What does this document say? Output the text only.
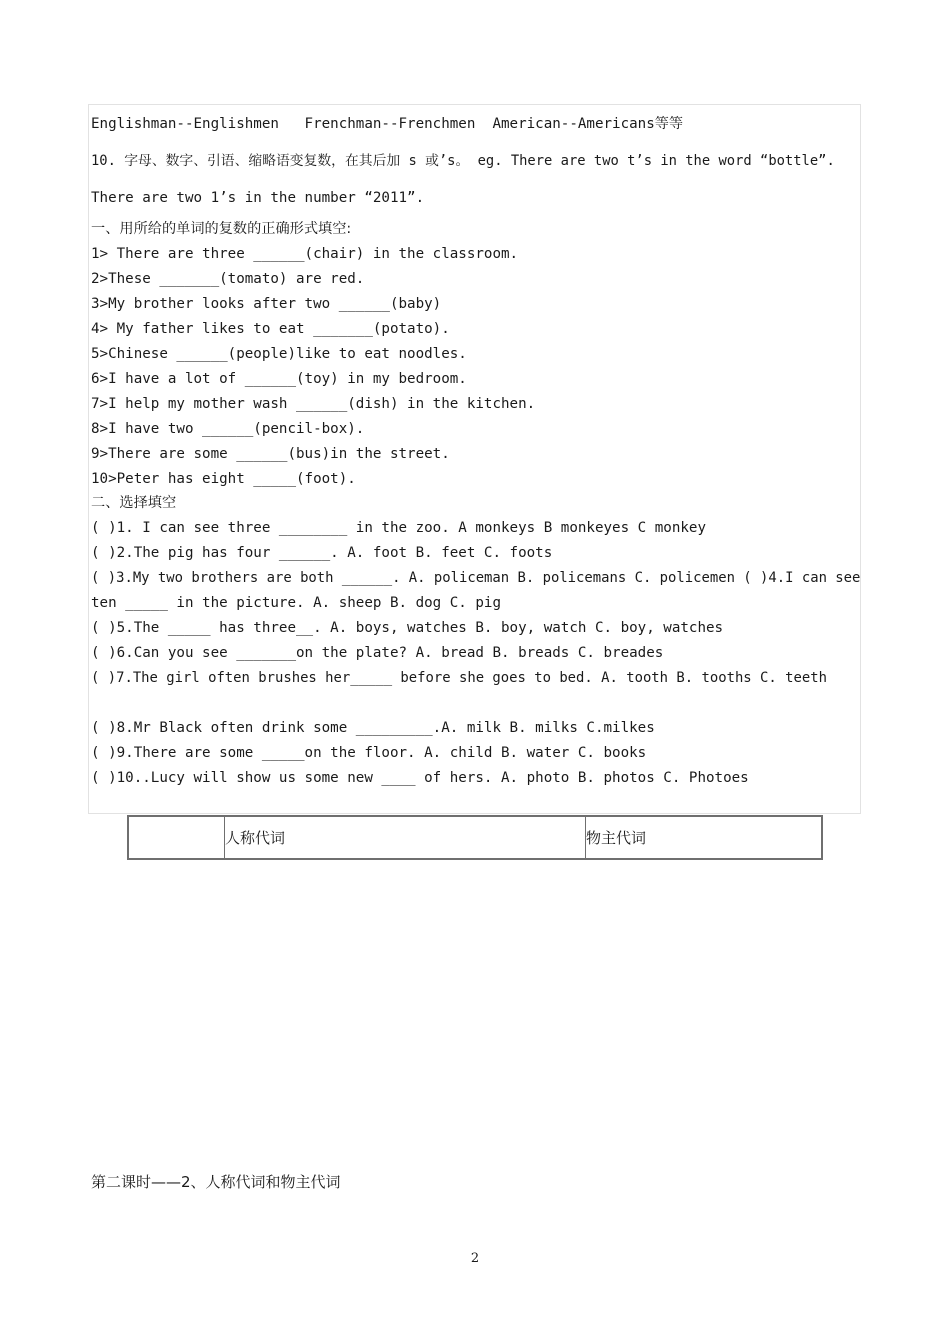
Englishman--Englishmen   Frenchman--Frenchmen  American--Americans等等
10. 字母、数字、引语、缩略语变复数，在其后加 s 或’s。 eg. There are two t’s in the word “bottle”.
There are two 1’s in the number “2011”.
一、用所给的单词的复数的正确形式填空:
1> There are three ______(chair) in the classroom.
2>These _______(tomato) are red.
3>My brother looks after two ______(baby)
4> My father likes to eat _______(potato).
5>Chinese ______(people)like to eat noodles.
6>I have a lot of ______(toy) in my bedroom.
7>I help my mother wash ______(dish) in the kitchen.
8>I have two ______(pencil-box).
9>There are some ______(bus)in the street.
10>Peter has eight _____(foot).
二、选择填空
( )1. I can see three ________ in the zoo. A monkeys B monkeyes C monkey
( )2.The pig has four ______. A. foot B. feet C. foots
( )3.My two brothers are both ______. A. policeman B. policemans C. policemen ( )4.I can see
ten _____ in the picture. A. sheep B. dog C. pig
( )5.The _____ has three__. A. boys, watches B. boy, watch C. boy, watches
( )6.Can you see _______on the plate? A. bread B. breads C. breades
( )7.The girl often brushes her_____ before she goes to bed. A. tooth B. tooths C. teeth
( )8.Mr Black often drink some _________.A. milk B. milks C.milkes
( )9.There are some _____on the floor. A. child B. water C. books
( )10..Lucy will show us some new ____ of hers. A. photo B. photos C. Photoes
	人称代词	物主代词
第二课时——2、人称代词和物主代词
2
